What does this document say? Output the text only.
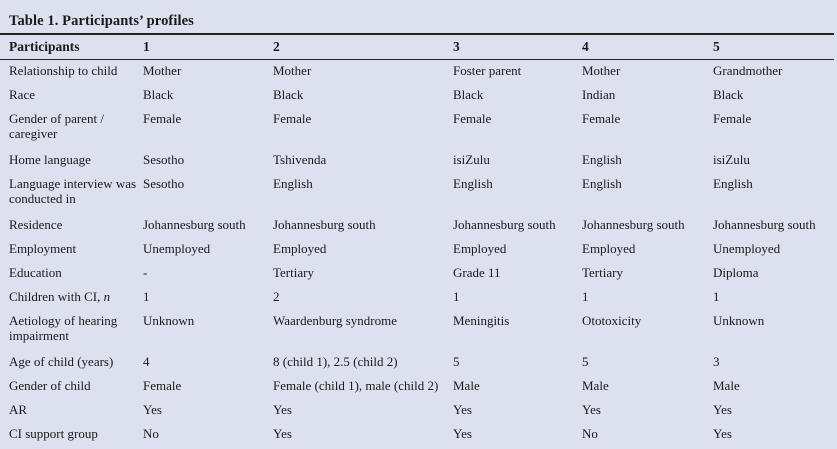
Table 1. Participants’ profiles
Participants	1	2	3	4	5
Relationship to child	Mother	Mother	Foster parent	Mother	Grandmother
Race	Black	Black	Black	Indian	Black
Gender of parent / caregiver	Female	Female	Female	Female	Female
Home language	Sesotho	Tshivenda	isiZulu	English	isiZulu
Language interview was conducted in	Sesotho	English	English	English	English
Residence	Johannesburg south	Johannesburg south	Johannesburg south	Johannesburg south	Johannesburg south
Employment	Unemployed	Employed	Employed	Employed	Unemployed
Education	-	Tertiary	Grade 11	Tertiary	Diploma
Children with CI, n	1	2	1	1	1
Aetiology of hearing impairment	Unknown	Waardenburg syndrome	Meningitis	Ototoxicity	Unknown
Age of child (years)	4	8 (child 1), 2.5 (child 2)	5	5	3
Gender of child	Female	Female (child 1), male (child 2)	Male	Male	Male
AR	Yes	Yes	Yes	Yes	Yes
CI support group	No	Yes	Yes	No	Yes
